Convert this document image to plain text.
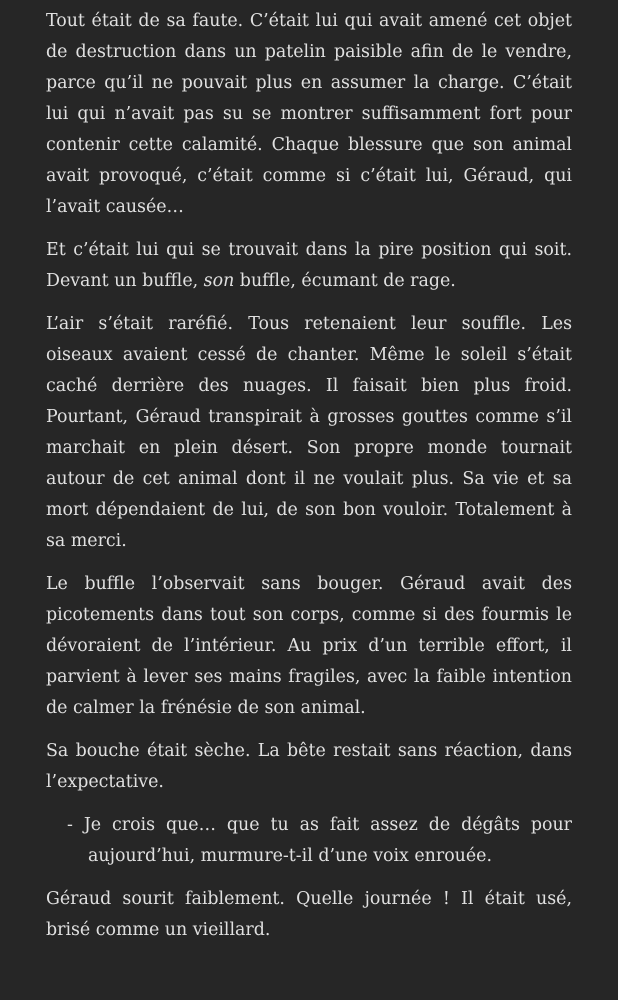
Tout était de sa faute. C’était lui qui avait amené cet objet de destruction dans un patelin paisible afin de le vendre, parce qu’il ne pouvait plus en assumer la charge. C’était lui qui n’avait pas su se montrer suffisamment fort pour contenir cette calamité. Chaque blessure que son animal avait provoqué, c’était comme si c’était lui, Géraud, qui l’avait causée…

Et c’était lui qui se trouvait dans la pire position qui soit. Devant un buffle, son buffle, écumant de rage.

L’air s’était raréfié. Tous retenaient leur souffle. Les oiseaux avaient cessé de chanter. Même le soleil s’était caché derrière des nuages. Il faisait bien plus froid. Pourtant, Géraud transpirait à grosses gouttes comme s’il marchait en plein désert. Son propre monde tournait autour de cet animal dont il ne voulait plus. Sa vie et sa mort dépendaient de lui, de son bon vouloir. Totalement à sa merci.

Le buffle l’observait sans bouger. Géraud avait des picotements dans tout son corps, comme si des fourmis le dévoraient de l’intérieur. Au prix d’un terrible effort, il parvient à lever ses mains fragiles, avec la faible intention de calmer la frénésie de son animal.

Sa bouche était sèche. La bête restait sans réaction, dans l’expectative.

- Je crois que… que tu as fait assez de dégâts pour aujourd’hui, murmure-t-il d’une voix enrouée.

Géraud sourit faiblement. Quelle journée ! Il était usé, brisé comme un vieillard.
